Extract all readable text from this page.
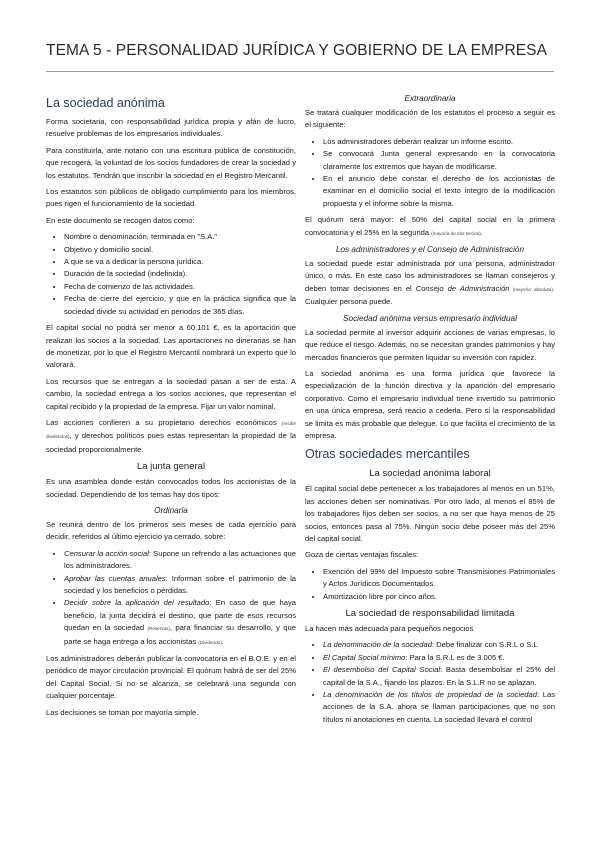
TEMA 5 - PERSONALIDAD JURÍDICA Y GOBIERNO DE LA EMPRESA
La sociedad anónima

Forma societaria, con responsabilidad jurídica propia y afán de lucro, resuelve problemas de los empresarios individuales.

Para constituirla, ante notario con una escritura pública de constitución, que recogerá, la voluntad de los socios fundadores de crear la sociedad y los estatutos. Tendrán que inscribir la sociedad en el Registro Mercantil.

Los estatutos son públicos de obligado cumplimiento para los miembros, pues rigen el funcionamiento de la sociedad.

En este documento se recogen datos como:

• Nombre o denominación, terminada en "S.A."
• Objetivo y domicilio social.
• A que se va a dedicar la persona jurídica.
• Duración de la sociedad (indefinida).
• Fecha de comienzo de las actividades.
• Fecha de cierre del ejercicio, y que en la práctica significa que la sociedad divide su actividad en periodos de 365 días.

El capital social no podrá ser menor a 60.101 €, es la aportación que realizan los socios a la sociedad. Las aportaciones no dinerarias se han de monetizar, por lo que el Registro Mercantil nombrará un experto que lo valorará.

Los recursos que se entregan a la sociedad pasan a ser de esta. A cambio, la sociedad entrega a los socios acciones, que representan el capital recibido y la propiedad de la empresa. Fijar un valor nominal.

Las acciones confieren a su propietario derechos económicos (recibir dividendos), y derechos políticos pues estas representan la propiedad de la sociedad proporcionalmente.

La junta general

Es una asamblea donde están convocados todos los accionistas de la sociedad. Dependiendo de los temas hay dos tipos:

Ordinaria

Se reunirá dentro de los primeros seis meses de cada ejercicio para decidir, referidos al último ejercicio ya cerrado, sobre:

• Censurar la acción social: Supone un refrendo a las actuaciones que los administradores.
• Aprobar las cuentas anuales: Informan sobre el patrimonio de la sociedad y los beneficios o pérdidas.
• Decidir sobre la aplicación del resultado: En caso de que haya beneficio, la junta decidirá el destino, que parte de esos recursos quedan en la sociedad (Reservas), para financiar su desarrollo, y que parte se haga entrega a los accionistas (Dividendo).

Los administradores deberán publicar la convocatoria en el B.O.E. y en el periódico de mayor circulación provincial. El quórum habrá de ser del 25% del Capital Social. Si no se alcanza, se celebrará una segunda con cualquier porcentaje.

Las decisiones se toman por mayoría simple.

Extraordinaria

Se tratará cualquier modificación de los estatutos el proceso a seguir es el siguiente:

• Los administradores deberán realizar un informe escrito.
• Se convocará Junta general expresando en la convocatoria claramente los extremos que hayan de modificarse.
• En el anuncio debe constar el derecho de los accionistas de examinar en el domicilio social el texto íntegro de la modificación propuesta y el informe sobre la misma.

El quórum será mayor: el 50% del capital social en la primera convocatoria y el 25% en la segunda (mayoría de dos tercios).

Los administradores y el Consejo de Administración

La sociedad puede estar administrada por una persona, administrador único, o más. En este caso los administradores se llaman consejeros y deben tomar decisiones en el Consejo de Administración (mayoría absoluta). Cualquier persona puede.

Sociedad anónima versus empresario individual

La sociedad permite al inversor adquirir acciones de varias empresas, lo que reduce el riesgo. Además, no se necesitan grandes patrimonios y hay mercados financieros que permiten liquidar su inversión con rapidez.

La sociedad anónima es una forma jurídica que favorece la especialización de la función directiva y la aparición del empresario corporativo. Como el empresario individual tiene invertido su patrimonio en una única empresa, será reacio a cederla. Pero si la responsabilidad se limita es más probable que delegue. Lo que facilita el crecimiento de la empresa.

Otras sociedades mercantiles
La sociedad anónima laboral

El capital social debe pertenecer a los trabajadores al menos en un 51%, las acciones deben ser nominativas. Por otro lado, al menos el 85% de los trabajadores fijos deben ser socios, a no ser que haya menos de 25 socios, entonces pasa al 75%. Ningún socio debe poseer más del 25% del capital social.

Goza de ciertas ventajas fiscales:

• Exención del 99% del Impuesto sobre Transmisiones Patrimoniales y Actos Jurídicos Documentados.
• Amortización libre por cinco años.
La sociedad de responsabilidad limitada

La hacen más adecuada para pequeños negocios

• La denominación de la sociedad: Debe finalizar con S.R.L o S.L
• El Capital Social mínimo: Para la S.R.L es de 3.005 €.
• El desembolso del Capital Social: Basta desembolsar el 25% del capital de la S.A., fijando los plazos. En la S.L.R no se aplazan.
• La denominación de los títulos de propiedad de la sociedad: Las acciones de la S.A. ahora se llaman participaciones que no son títulos ni anotaciones en cuenta. La sociedad llevará el control
